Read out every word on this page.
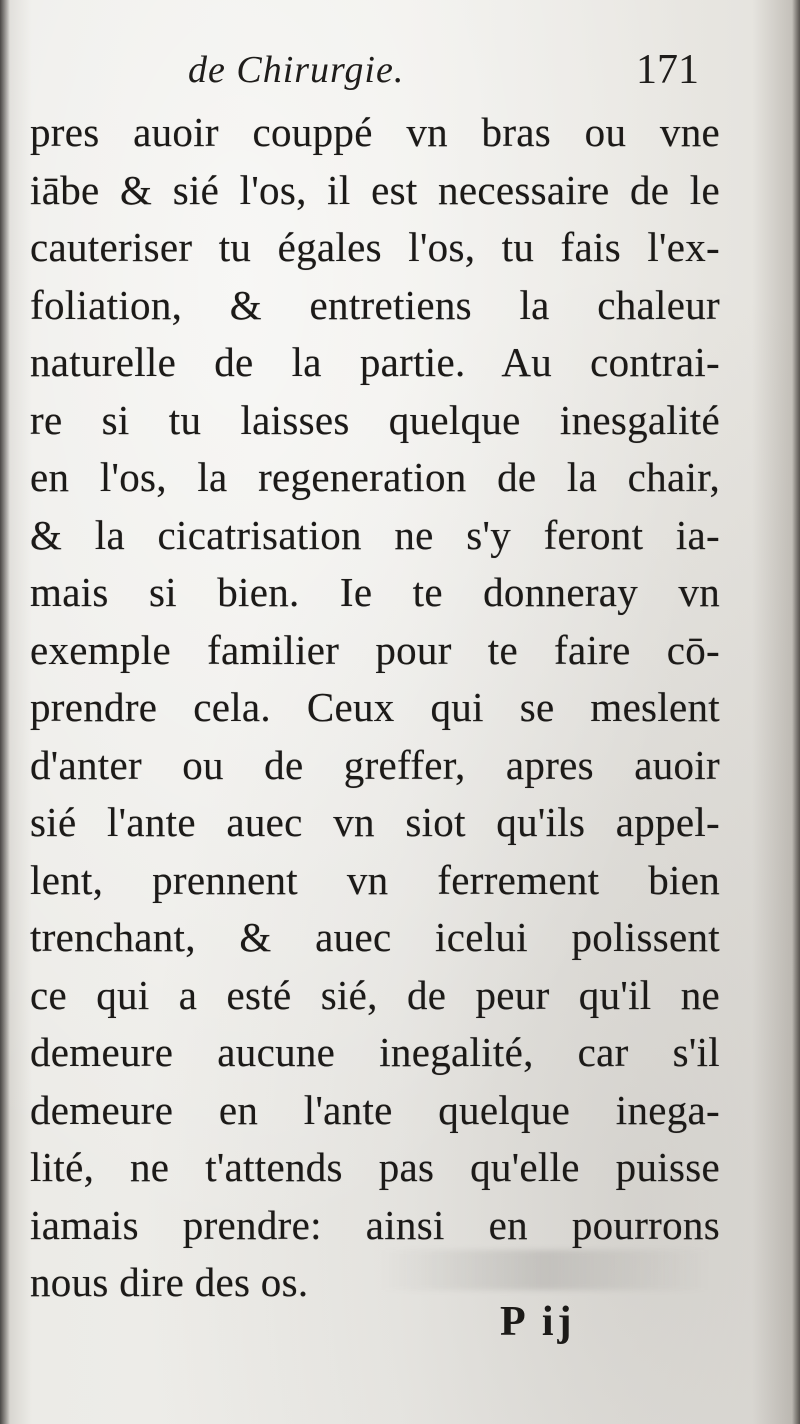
de Chirurgie.	171
pres auoir couppé vn bras ou vne
iābe & sié l'os, il est necessaire de le
cauteriser tu égales l'os, tu fais l'ex-
foliation, & entretiens la chaleur
naturelle de la partie. Au contrai-
re si tu laisses quelque inesgalité
en l'os, la regeneration de la chair,
& la cicatrisation ne s'y feront ia-
mais si bien. Ie te donneray vn
exemple familier pour te faire cō-
prendre cela. Ceux qui se meslent
d'anter ou de greffer, apres auoir
sié l'ante auec vn siot qu'ils appel-
lent, prennent vn ferrement bien
trenchant, & auec icelui polissent
ce qui a esté sié, de peur qu'il ne
demeure aucune inegalité, car s'il
demeure en l'ante quelque inega-
lité, ne t'attends pas qu'elle puisse
iamais prendre: ainsi en pourrons
nous dire des os.
P ij
